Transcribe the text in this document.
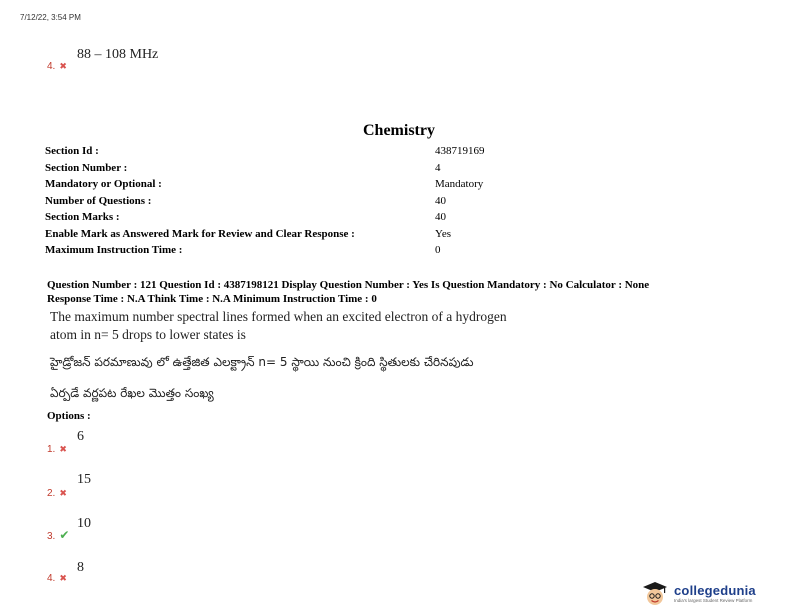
7/12/22, 3:54 PM
4. ✖
88 – 108 MHz
Chemistry
Section Id :	438719169
Section Number :	4
Mandatory or Optional :	Mandatory
Number of Questions :	40
Section Marks :	40
Enable Mark as Answered Mark for Review and Clear Response :	Yes
Maximum Instruction Time :	0
Question Number : 121 Question Id : 4387198121 Display Question Number : Yes Is Question Mandatory : No Calculator : None
Response Time : N.A Think Time : N.A Minimum Instruction Time : 0
The maximum number spectral lines formed when an excited electron of a hydrogen
atom in n= 5 drops to lower states is
హైడ్రోజన్ పరమాణువు లో ఉత్తేజిత ఎలక్ట్రాన్ n= 5 స్థాయి నుంచి క్రింది స్థితులకు చేరినపుడు
ఏర్పడే వర్ణపట రేఖల మొత్తం సంఖ్య
Options :
1. ✖
6
2. ✖
15
3. ✔
10
4. ✖
8
collegedunia
India's largest Student Review Platform
